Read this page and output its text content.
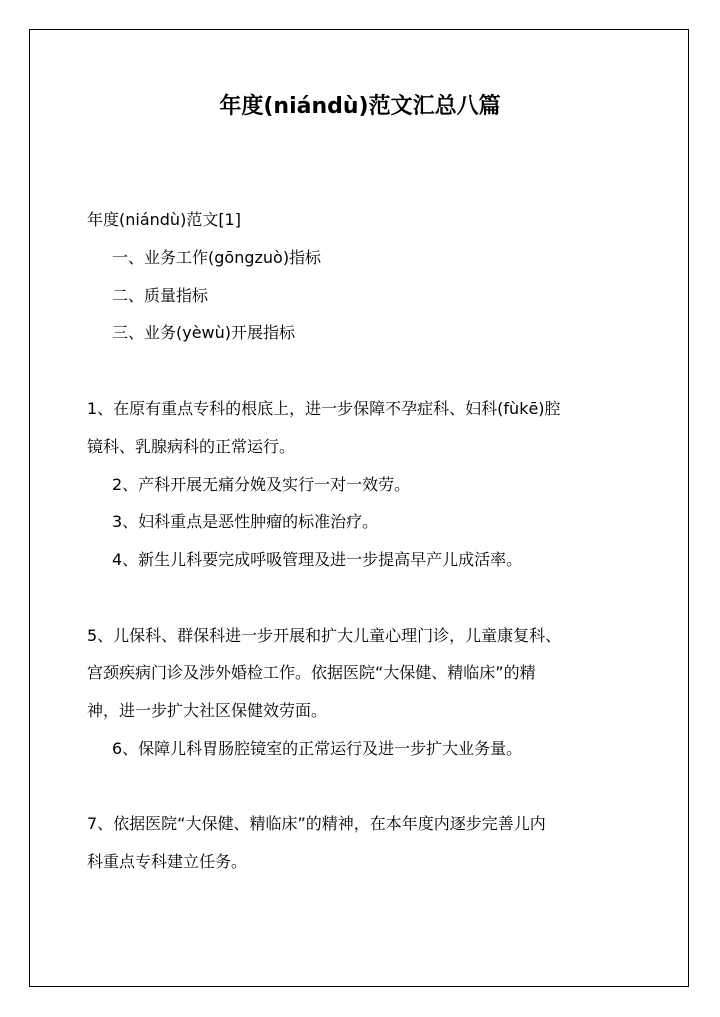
年度(niándù)范文汇总八篇

年度(niándù)范文[1]

一、业务工作(gōngzuò)指标

二、质量指标

三、业务(yèwù)开展指标

1、在原有重点专科的根底上，进一步保障不孕症科、妇科(fùkē)腔

镜科、乳腺病科的正常运行。

2、产科开展无痛分娩及实行一对一效劳。

3、妇科重点是恶性肿瘤的标准治疗。

4、新生儿科要完成呼吸管理及进一步提高早产儿成活率。

5、儿保科、群保科进一步开展和扩大儿童心理门诊，儿童康复科、

宫颈疾病门诊及涉外婚检工作。依据医院“大保健、精临床”的精

神，进一步扩大社区保健效劳面。

6、保障儿科胃肠腔镜室的正常运行及进一步扩大业务量。

7、依据医院“大保健、精临床”的精神，在本年度内逐步完善儿内

科重点专科建立任务。
